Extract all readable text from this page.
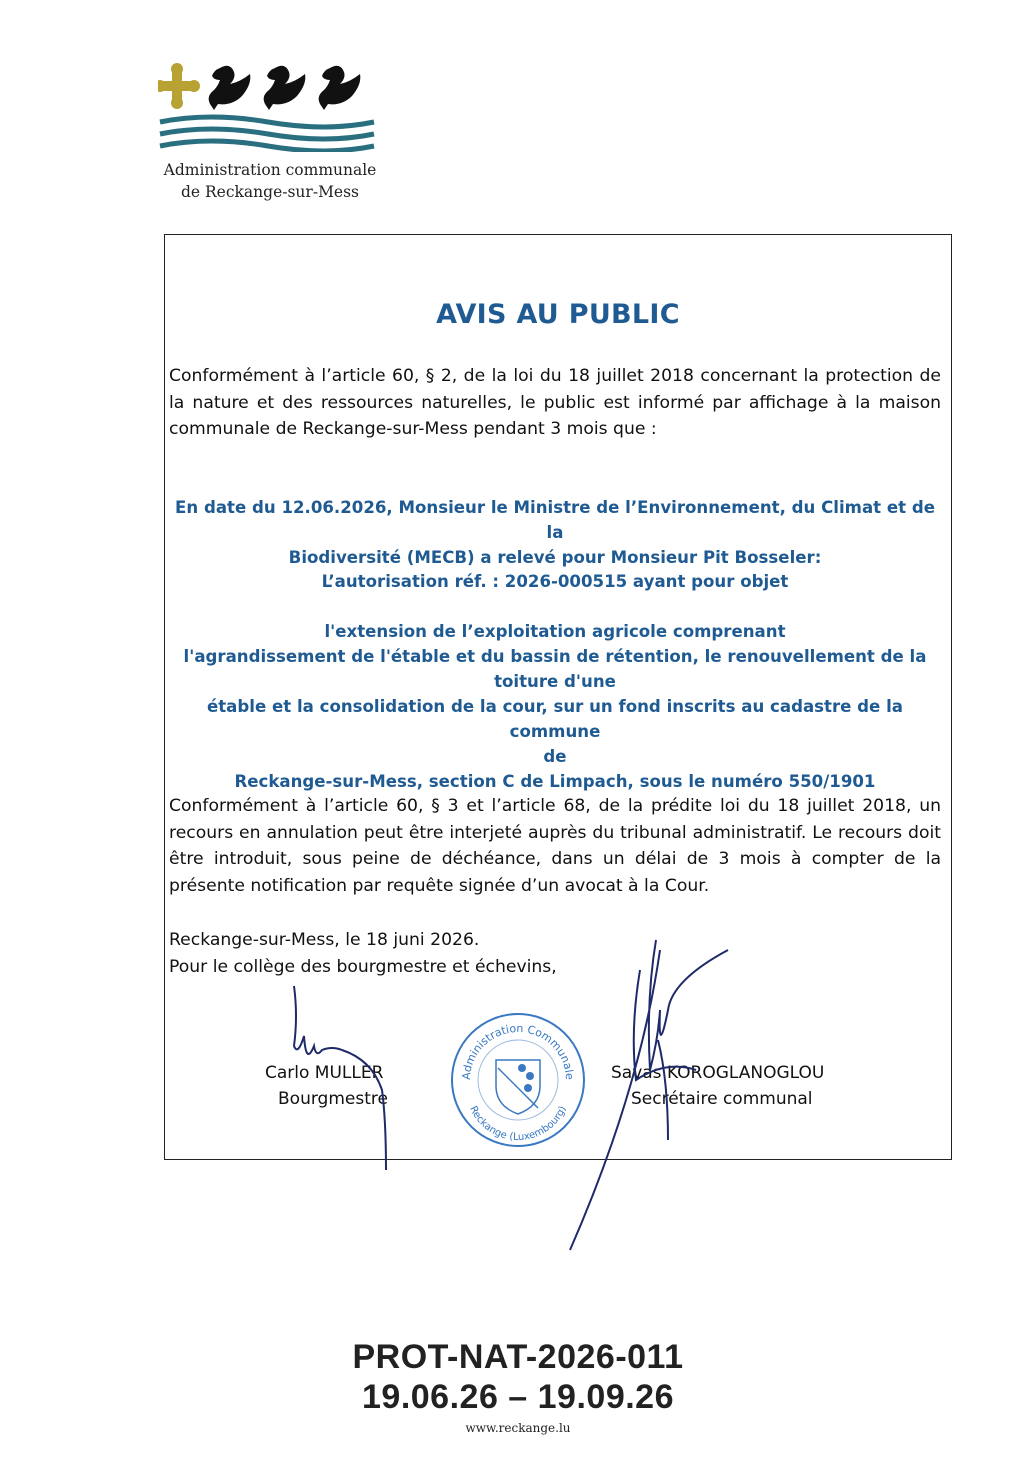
Administration communale
de Reckange-sur-Mess
AVIS AU PUBLIC
Conformément à l’article 60, § 2, de la loi du 18 juillet 2018 concernant la protection de la nature et des ressources naturelles, le public est informé par affichage à la maison communale de Reckange-sur-Mess pendant 3 mois que :
En date du 12.06.2026, Monsieur le Ministre de l’Environnement, du Climat et de la
Biodiversité (MECB) a relevé pour Monsieur Pit Bosseler:
L’autorisation réf. : 2026-000515 ayant pour objet
l'extension de l’exploitation agricole comprenant
l'agrandissement de l'étable et du bassin de rétention, le renouvellement de la
toiture d'une
étable et la consolidation de la cour, sur un fond inscrits au cadastre de la commune
de
Reckange-sur-Mess, section C de Limpach, sous le numéro 550/1901
Conformément à l’article 60, § 3 et l’article 68, de la prédite loi du 18 juillet 2018, un recours en annulation peut être interjeté auprès du tribunal administratif. Le recours doit être introduit, sous peine de déchéance, dans un délai de 3 mois à compter de la présente notification par requête signée d’un avocat à la Cour.
Reckange-sur-Mess, le 18 juni 2026.
Pour le collège des bourgmestre et échevins,
Carlo MULLER
Bourgmestre
Savas KOROGLANOGLOU
Secrétaire communal
Administration Communale
Reckange (Luxembourg)
PROT-NAT-2026-011
19.06.26 – 19.09.26
www.reckange.lu
